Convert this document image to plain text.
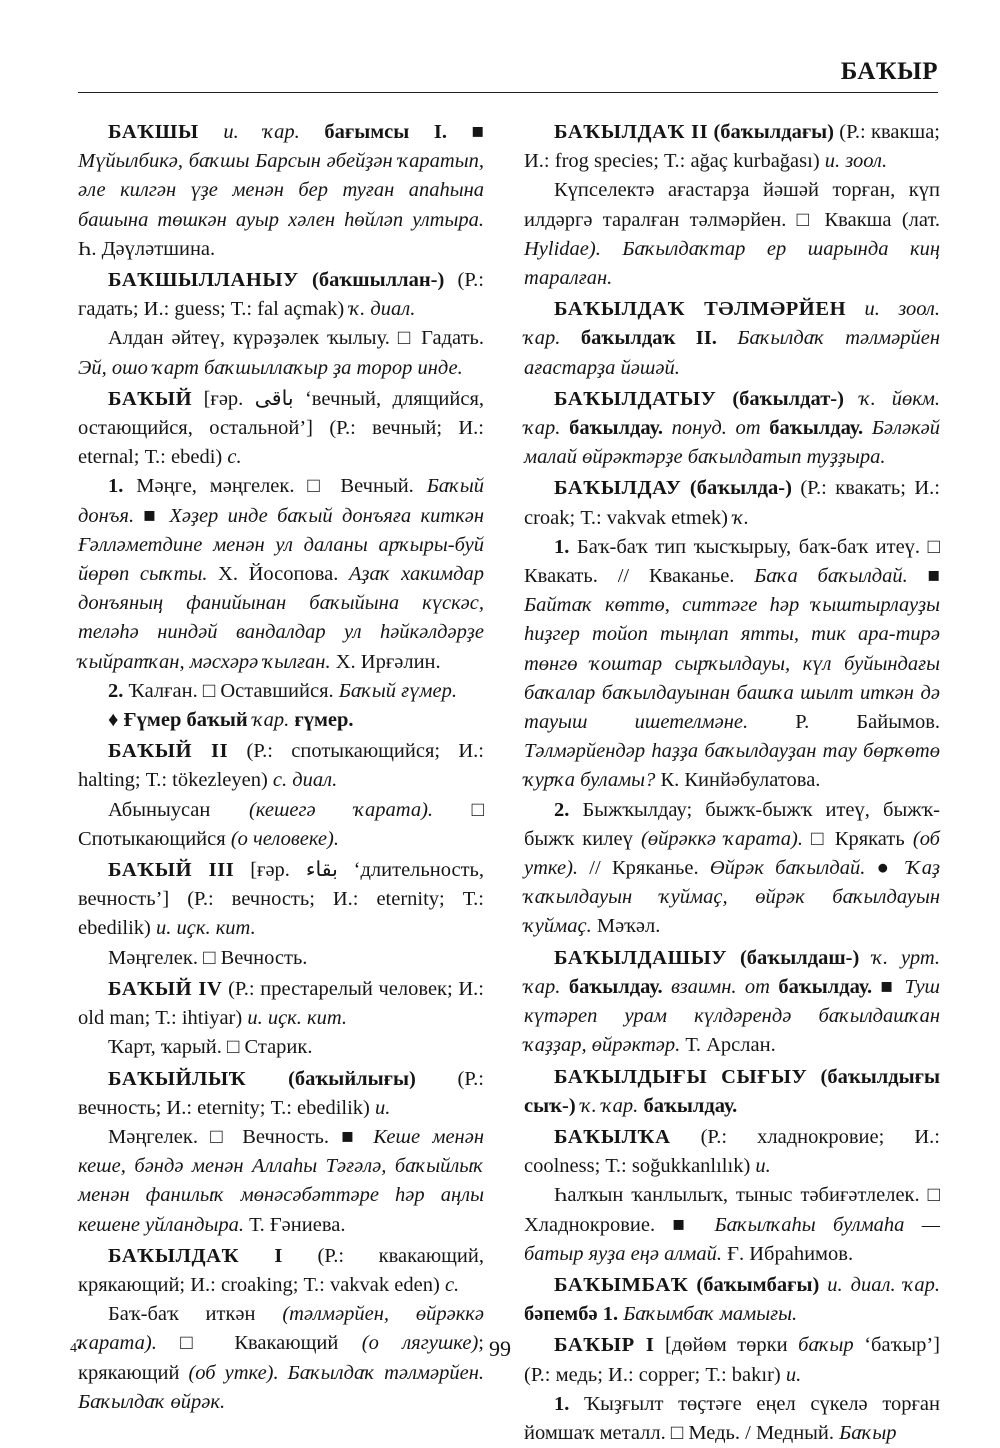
БАҠЫР

БАҠШЫ и. ҡар. бағымсы I. ■ Мүйылбикә, баҡшы Барсын әбейҙән ҡаратып, әле килгән үҙе менән бер туған апаһына башына төшкән ауыр хәлен һөйләп ултыра. Һ. Дәүләтшина.

БАҠШЫЛЛАНЫУ (баҡшыллан-) (Р.: гадать; И.: guess; Т.: fal açmak) ҡ. диал.

Алдан әйтеү, күрәҙәлек ҡылыу. □ Гадать. Эй, ошо ҡарт баҡшыллаҡыр ҙа торор инде.

БАҠЫЙ [ғәр. باقى ‘вечный, длящийся, остающийся, остальной’] (Р.: вечный; И.: eternal; Т.: ebedi) с.

1. Мәңге, мәңгелек. □ Вечный. Баҡый донъя. ■ Хәҙер инде баҡый донъяға киткән Ғәлләметдине менән ул даланы арҡыры-буй йөрөп сыҡты. Х. Йосопова. Аҙаҡ хакимдар донъяның фанийынан баҡыйына күскәс, теләһә ниндәй вандалдар ул һәйкәлдәрҙе ҡыйратҡан, мәсхәрә ҡылған. Х. Ирғәлин.

2. Ҡалған. □ Оставшийся. Баҡый ғүмер.

♦ Ғүмер баҡый ҡар. ғүмер.

БАҠЫЙ II (Р.: спотыкающийся; И.: halting; Т.: tökezleyen) с. диал.

Абыныусан (кешегә ҡарата). □ Спотыкающийся (о человеке).

БАҠЫЙ III [ғәр. بقاء ‘длительность, вечность’] (Р.: вечность; И.: eternity; Т.: ebedilik) и. иҫк. кит.

Мәңгелек. □ Вечность.

БАҠЫЙ IV (Р.: престарелый человек; И.: old man; Т.: ihtiyar) и. иҫк. кит.

Ҡарт, ҡарый. □ Старик.

БАҠЫЙЛЫҠ (баҡыйлығы) (Р.: вечность; И.: eternity; Т.: ebedilik) и.

Мәңгелек. □ Вечность. ■ Кеше менән кеше, бәндә менән Аллаһы Тәғәлә, баҡыйлыҡ менән фанилыҡ мөнәсәбәттәре һәр аңлы кешене уйландыра. Т. Ғәниева.

БАҠЫЛДАҠ I (Р.: квакающий, крякающий; И.: croaking; Т.: vakvak eden) с.

Баҡ-баҡ иткән (тәлмәрйен, өйрәккә ҡарата). □ Квакающий (о лягушке); крякающий (об утке). Баҡылдаҡ тәлмәрйен. Баҡылдаҡ өйрәк.

БАҠЫЛДАҠ II (баҡылдағы) (Р.: квакша; И.: frog species; Т.: ağaç kurbağası) и. зоол.

Күпселектә ағастарҙа йәшәй торған, күп илдәргә таралған тәлмәрйен. □ Квакша (лат. Hylidae). Баҡылдаҡтар ер шарында киң таралған.

БАҠЫЛДАҠ ТӘЛМӘРЙЕН и. зоол. ҡар. баҡылдаҡ II. Баҡылдаҡ тәлмәрйен ағастарҙа йәшәй.

БАҠЫЛДАТЫУ (баҡылдат-) ҡ. йөкм. ҡар. баҡылдау. понуд. от баҡылдау. Бәләкәй малай өйрәктәрҙе баҡылдатып туҙҙыра.

БАҠЫЛДАУ (баҡылда-) (Р.: квакать; И.: croak; Т.: vakvak etmek) ҡ.

1. Баҡ-баҡ тип ҡысҡырыу, баҡ-баҡ итеү. □ Квакать. // Кваканье. Баҡа баҡылдай. ■ Байтаҡ көттө, ситтәге һәр ҡыштырлауҙы һиҙгер тойоп тыңлап ятты, тик ара-тирә төнгө ҡоштар сырҡылдауы, күл буйындағы баҡалар баҡылдауынан башҡа шылт иткән дә тауыш ишетелмәне. Р. Байымов. Тәлмәрйендәр һаҙҙа баҡылдауҙан тау бөрҡөтө ҡурҡа буламы? К. Кинйәбулатова.

2. Быжҡылдау; быжҡ-быжҡ итеү, быжҡ-быжҡ килеү (өйрәккә ҡарата). □ Крякать (об утке). // Кряканье. Өйрәк баҡылдай. ● Ҡаҙ ҡаҡылдауын ҡуймаҫ, өйрәк баҡылдауын ҡуймаҫ. Мәҡәл.

БАҠЫЛДАШЫУ (баҡылдаш-) ҡ. урт. ҡар. баҡылдау. взаимн. от баҡылдау. ■ Туш күтәреп урам күлдәрендә баҡылдашҡан ҡаҙҙар, өйрәктәр. Т. Арслан.

БАҠЫЛДЫҒЫ СЫҒЫУ (баҡылдығы сыҡ-) ҡ. ҡар. баҡылдау.

БАҠЫЛҠА (Р.: хладнокровие; И.: coolness; Т.: soğukkanlılık) и.

Һалҡын ҡанлылыҡ, тыныс тәбиғәтлелек. □ Хладнокровие. ■ Баҡылҡаһы булмаһа — батыр яуҙа еңә алмай. Ғ. Ибраһимов.

БАҠЫМБАҠ (баҡымбағы) и. диал. ҡар. бәпембә 1. Баҡымбаҡ мамығы.

БАҠЫР I [дөйөм төрки баҡыр ‘баҡыр’] (Р.: медь; И.: copper; Т.: bakır) и.

1. Ҡыҙғылт төҫтәге еңел сүкелә торған йомшаҡ металл. □ Медь. / Медный. Баҡыр

4•	99
